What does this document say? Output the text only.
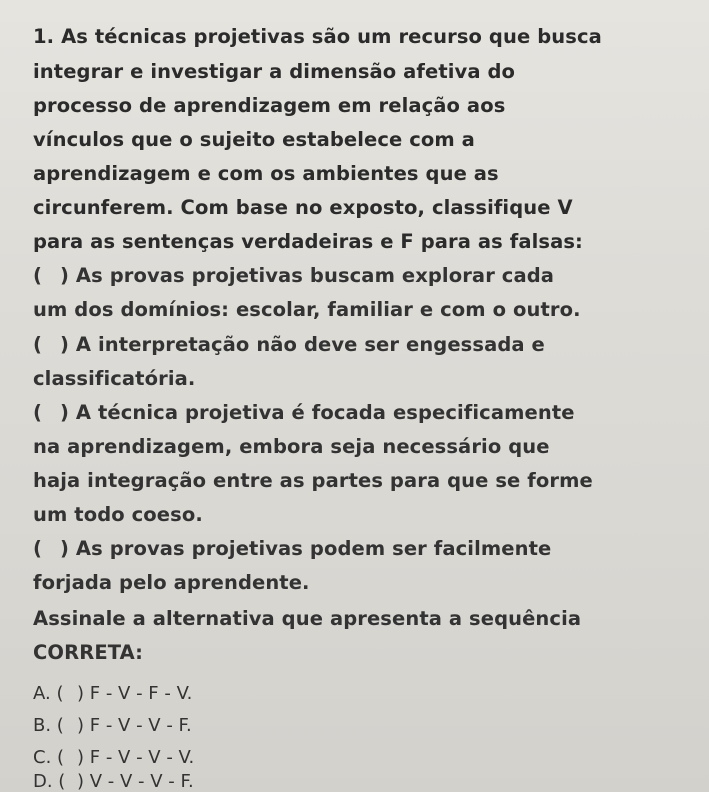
1. As técnicas projetivas são um recurso que busca
integrar e investigar a dimensão afetiva do
processo de aprendizagem em relação aos
vínculos que o sujeito estabelece com a
aprendizagem e com os ambientes que as
circunferem. Com base no exposto, classifique V
para as sentenças verdadeiras e F para as falsas:
( ) As provas projetivas buscam explorar cada
um dos domínios: escolar, familiar e com o outro.
( ) A interpretação não deve ser engessada e
classificatória.
( ) A técnica projetiva é focada especificamente
na aprendizagem, embora seja necessário que
haja integração entre as partes para que se forme
um todo coeso.
( ) As provas projetivas podem ser facilmente
forjada pelo aprendente.
Assinale a alternativa que apresenta a sequência
CORRETA:
A. ( ) F - V - F - V.
B. ( ) F - V - V - F.
C. ( ) F - V - V - V.
D. ( ) V - V - V - F.
